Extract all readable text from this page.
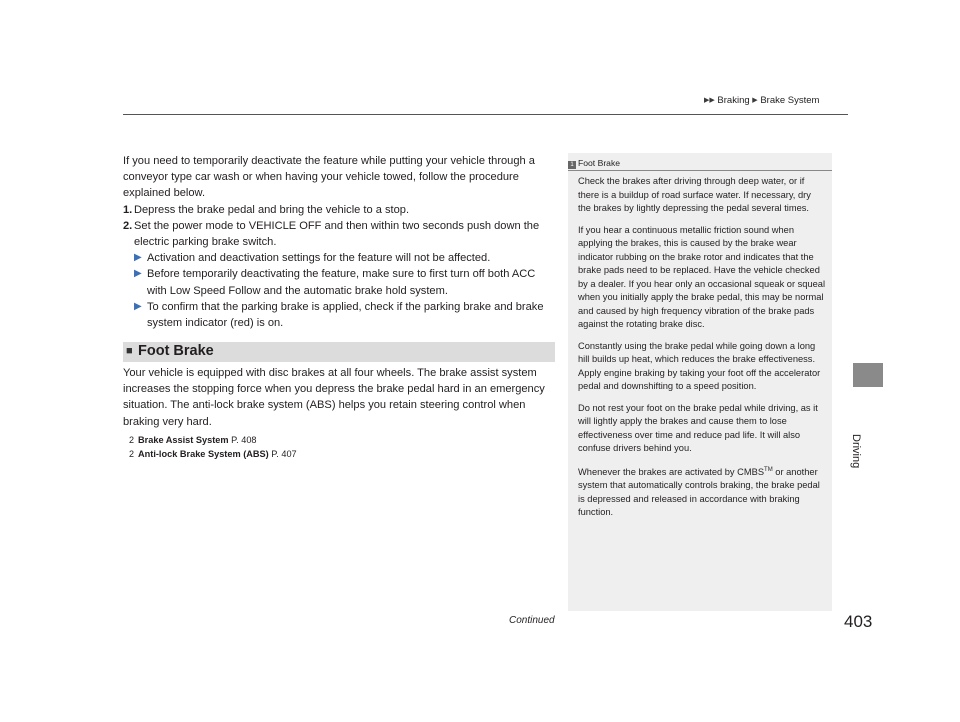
▶▶ Braking ▶ Brake System

If you need to temporarily deactivate the feature while putting your vehicle through a conveyor type car wash or when having your vehicle towed, follow the procedure explained below.

1. Depress the brake pedal and bring the vehicle to a stop.
2. Set the power mode to VEHICLE OFF and then within two seconds push down the electric parking brake switch.
▶ Activation and deactivation settings for the feature will not be affected.
▶ Before temporarily deactivating the feature, make sure to first turn off both ACC with Low Speed Follow and the automatic brake hold system.
▶ To confirm that the parking brake is applied, check if the parking brake and brake system indicator (red) is on.
■ Foot Brake

Your vehicle is equipped with disc brakes at all four wheels. The brake assist system increases the stopping force when you depress the brake pedal hard in an emergency situation. The anti-lock brake system (ABS) helps you retain steering control when braking very hard.

2 Brake Assist System P. 408
2 Anti-lock Brake System (ABS) P. 407
1 Foot Brake

Check the brakes after driving through deep water, or if there is a buildup of road surface water. If necessary, dry the brakes by lightly depressing the pedal several times.

If you hear a continuous metallic friction sound when applying the brakes, this is caused by the brake wear indicator rubbing on the brake rotor and indicates that the brake pads need to be replaced. Have the vehicle checked by a dealer. If you hear only an occasional squeak or squeal when you initially apply the brake pedal, this may be normal and caused by high frequency vibration of the brake pads against the rotating brake disc.

Constantly using the brake pedal while going down a long hill builds up heat, which reduces the brake effectiveness. Apply engine braking by taking your foot off the accelerator pedal and downshifting to a speed position.

Do not rest your foot on the brake pedal while driving, as it will lightly apply the brakes and cause them to lose effectiveness over time and reduce pad life. It will also confuse drivers behind you.

Whenever the brakes are activated by CMBS™ or another system that automatically controls braking, the brake pedal is depressed and released in accordance with braking function.

Driving
Continued	403
